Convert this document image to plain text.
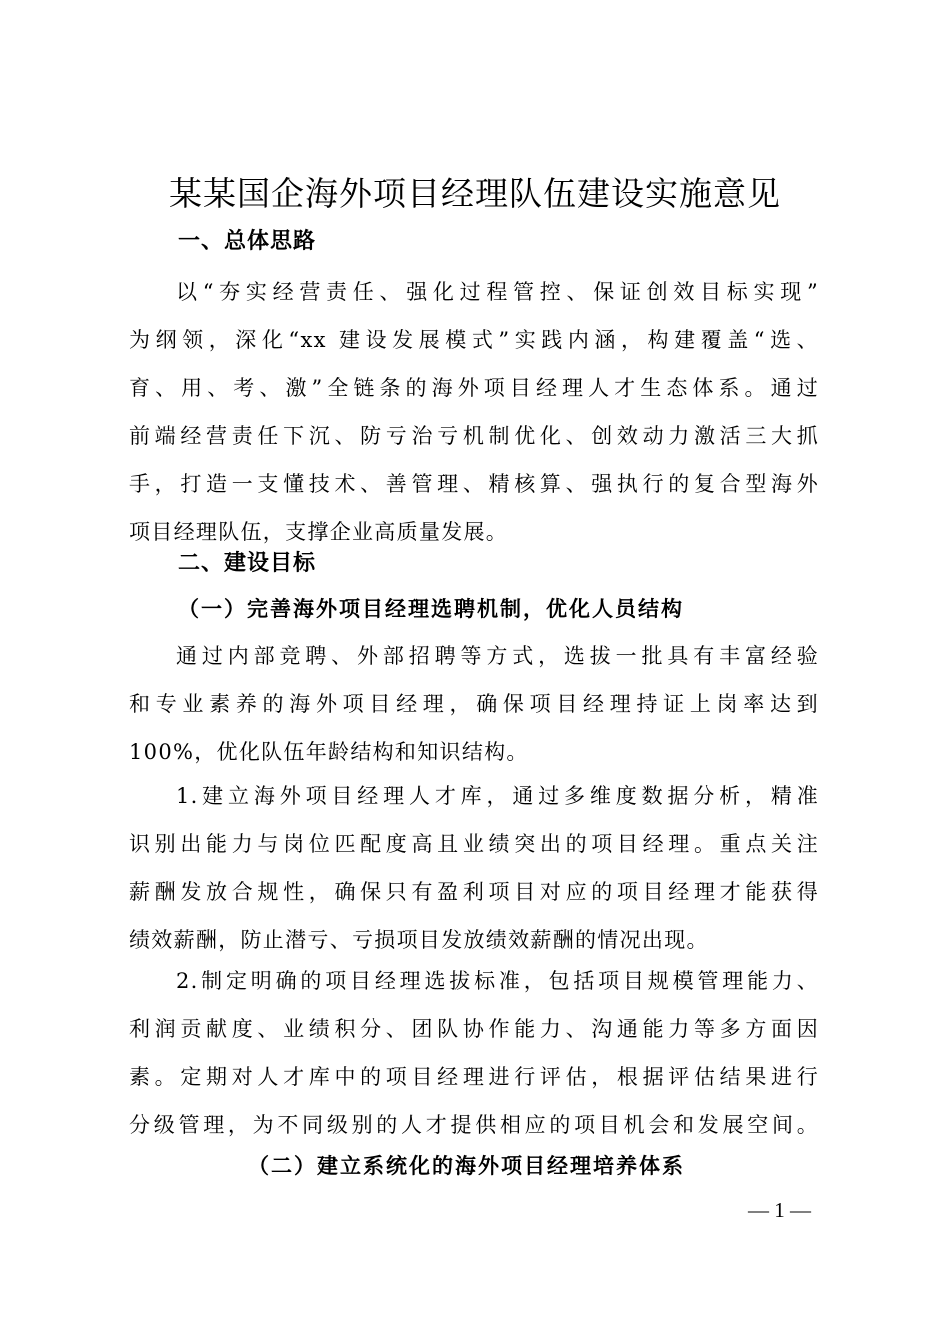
某某国企海外项目经理队伍建设实施意见
一、总体思路
以“夯实经营责任、强化过程管控、保证创效目标实现”
为纲领，深化“xx 建设发展模式”实践内涵，构建覆盖“选、
育、用、考、激”全链条的海外项目经理人才生态体系。通过
前端经营责任下沉、防亏治亏机制优化、创效动力激活三大抓
手，打造一支懂技术、善管理、精核算、强执行的复合型海外
项目经理队伍，支撑企业高质量发展。
二、建设目标
（一）完善海外项目经理选聘机制，优化人员结构
通过内部竞聘、外部招聘等方式，选拔一批具有丰富经验
和专业素养的海外项目经理，确保项目经理持证上岗率达到
100%，优化队伍年龄结构和知识结构。
1.建立海外项目经理人才库，通过多维度数据分析，精准
识别出能力与岗位匹配度高且业绩突出的项目经理。重点关注
薪酬发放合规性，确保只有盈利项目对应的项目经理才能获得
绩效薪酬，防止潜亏、亏损项目发放绩效薪酬的情况出现。
2.制定明确的项目经理选拔标准，包括项目规模管理能力、
利润贡献度、业绩积分、团队协作能力、沟通能力等多方面因
素。定期对人才库中的项目经理进行评估，根据评估结果进行
分级管理，为不同级别的人才提供相应的项目机会和发展空间。
（二）建立系统化的海外项目经理培养体系
— 1 —
